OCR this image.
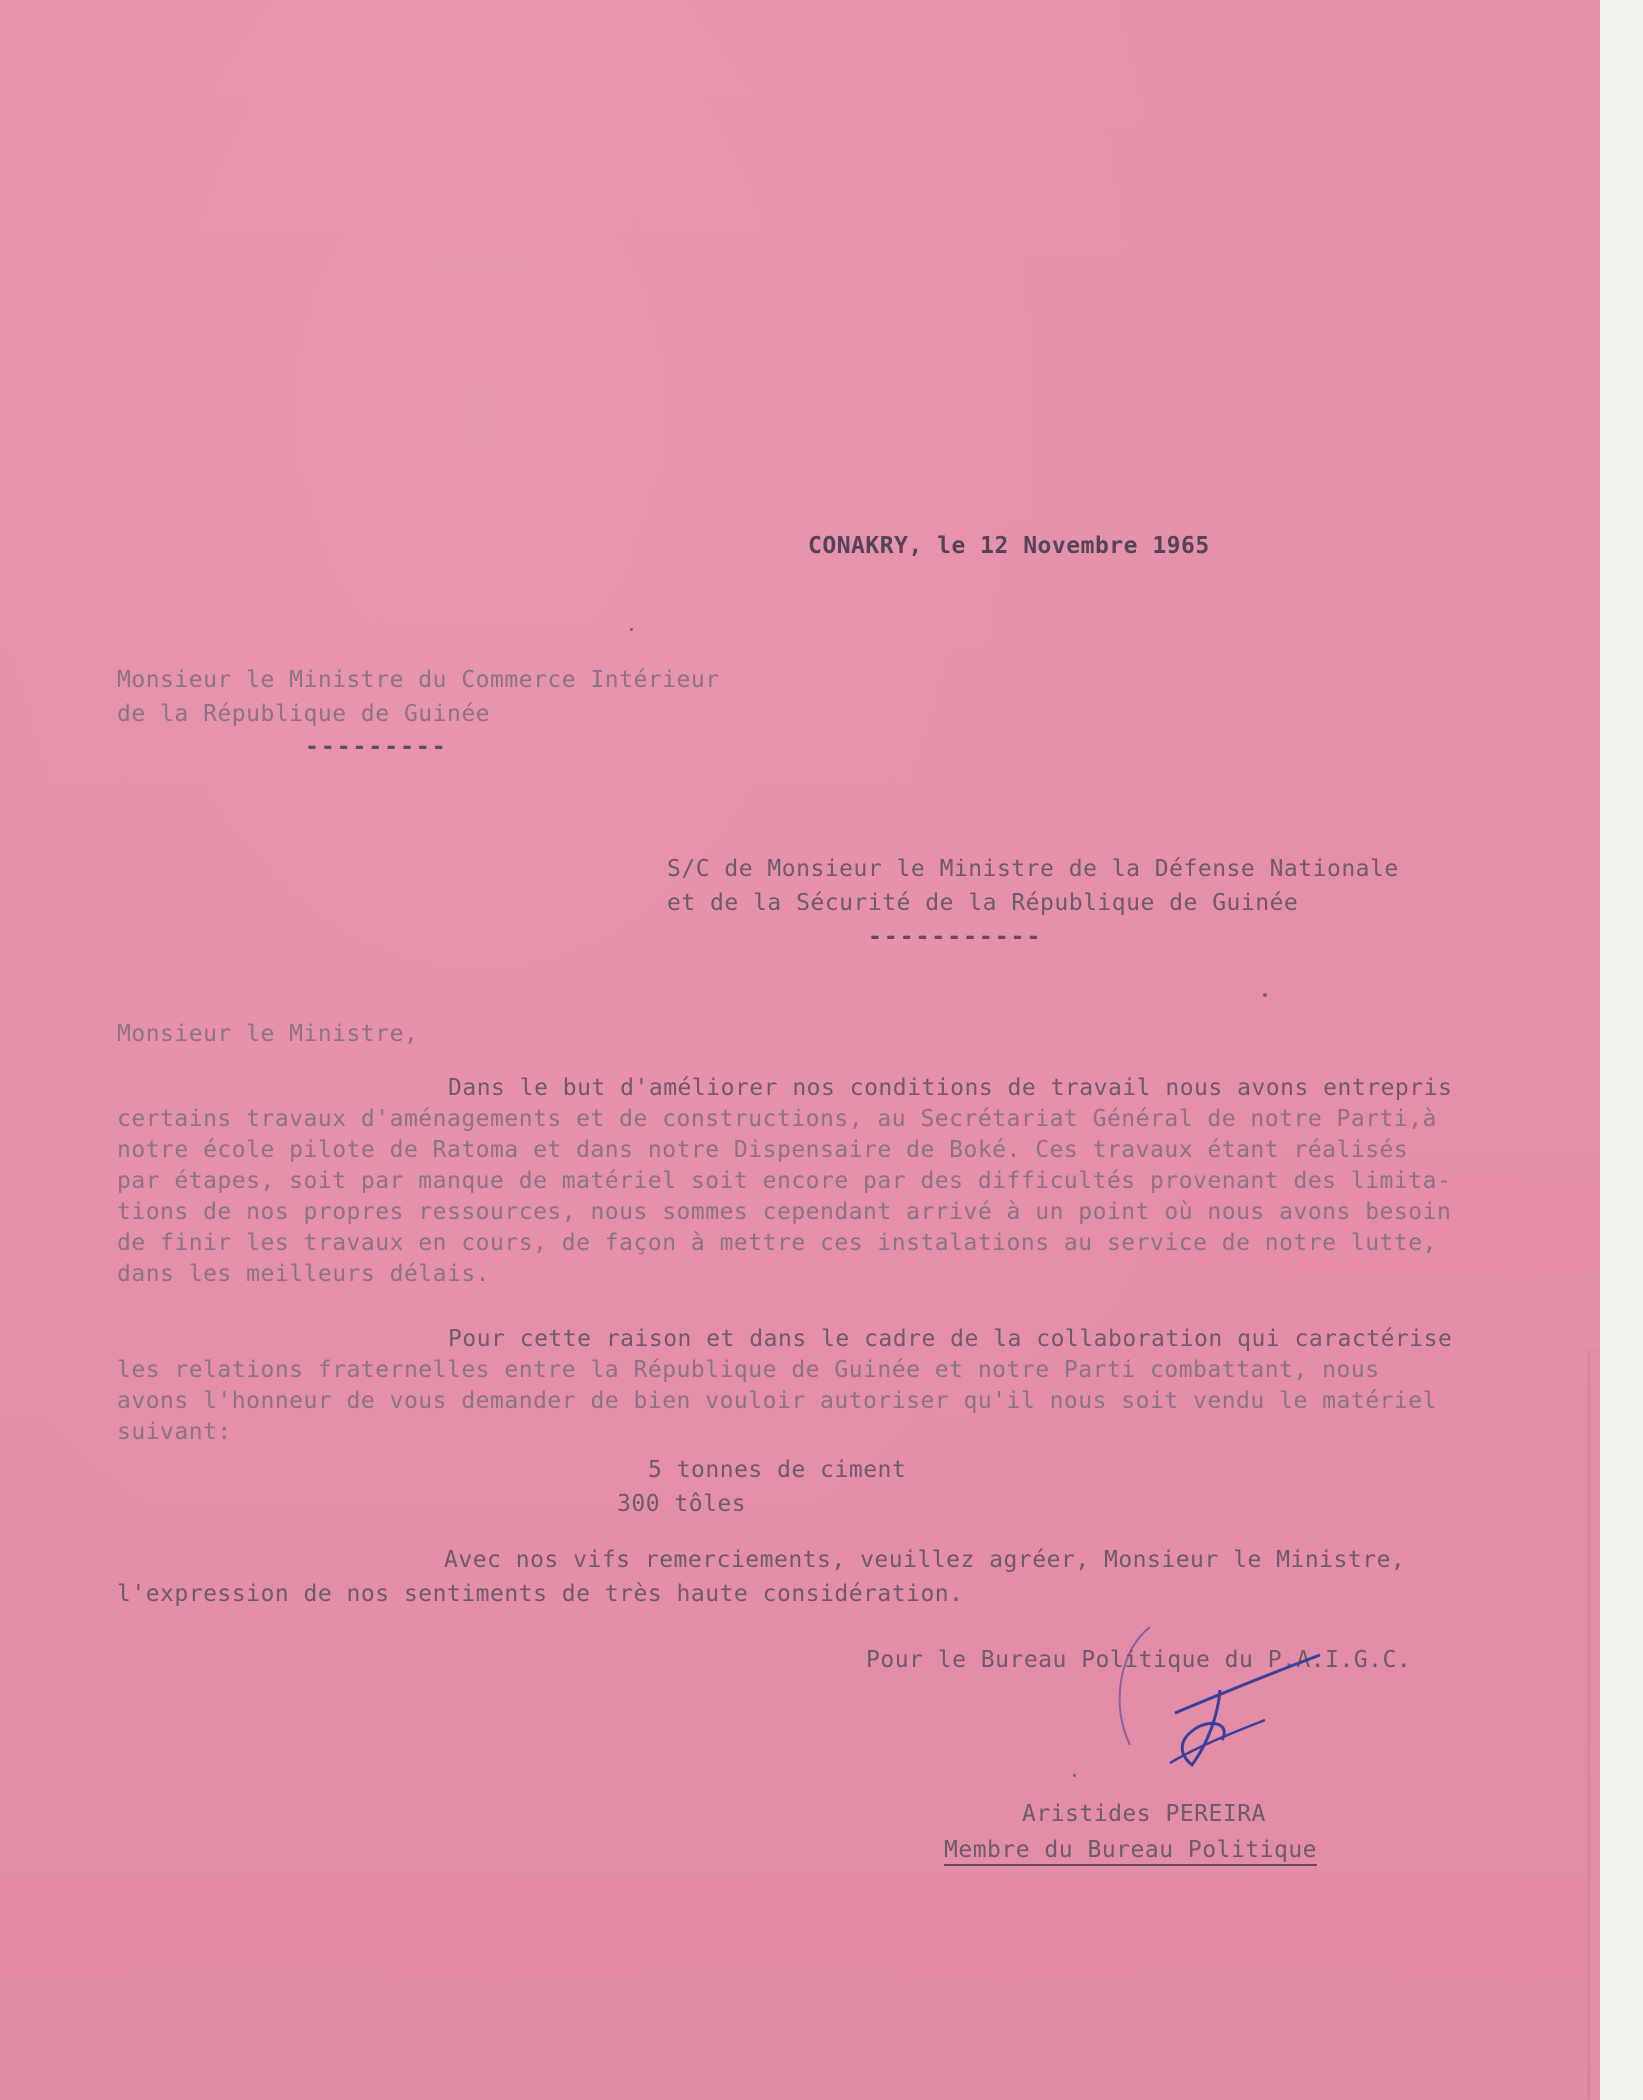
CONAKRY, le 12 Novembre 1965
Monsieur le Ministre du Commerce Intérieur
de la République de Guinée
---------
S/C de Monsieur le Ministre de la Défense Nationale
et de la Sécurité de la République de Guinée
-----------
Monsieur le Ministre,
Dans le but d'améliorer nos conditions de travail nous avons entrepris
certains travaux d'aménagements et de constructions, au Secrétariat Général de notre Parti,à
notre école pilote de Ratoma et dans notre Dispensaire de Boké. Ces travaux étant réalisés
par étapes, soit par manque de matériel soit encore par des difficultés provenant des limita-
tions de nos propres ressources, nous sommes cependant arrivé à un point où nous avons besoin
de finir les travaux en cours, de façon à mettre ces instalations au service de notre lutte,
dans les meilleurs délais.
Pour cette raison et dans le cadre de la collaboration qui caractérise
les relations fraternelles entre la République de Guinée et notre Parti combattant, nous
avons l'honneur de vous demander de bien vouloir autoriser qu'il nous soit vendu le matériel
suivant:
5 tonnes de ciment
300 tôles
Avec nos vifs remerciements, veuillez agréer, Monsieur le Ministre,
l'expression de nos sentiments de très haute considération.
Pour le Bureau Politique du P.A.I.G.C.
Aristides PEREIRA
Membre du Bureau Politique
